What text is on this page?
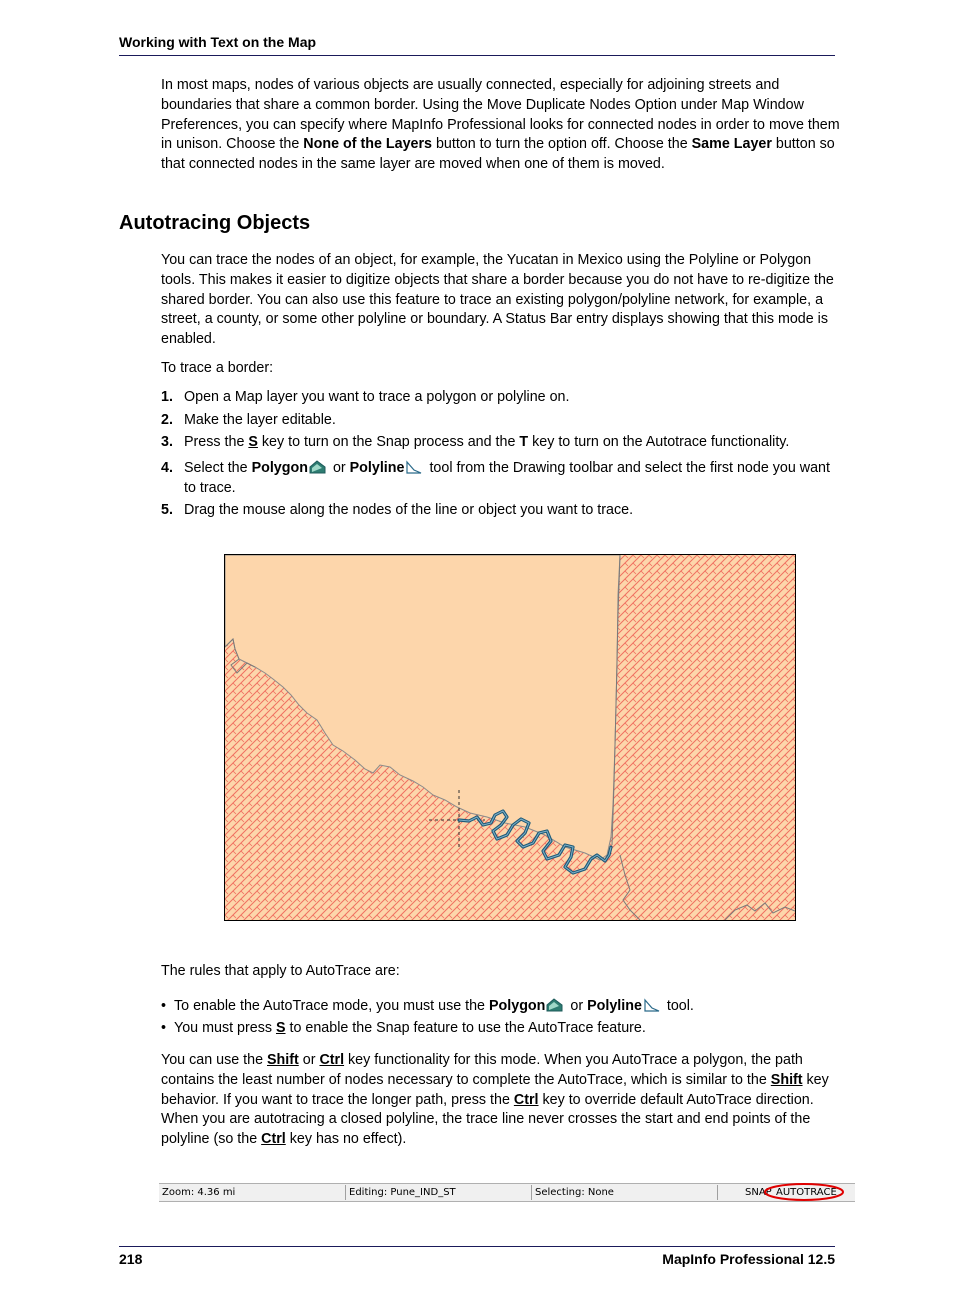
Working with Text on the Map
In most maps, nodes of various objects are usually connected, especially for adjoining streets and boundaries that share a common border. Using the Move Duplicate Nodes Option under Map Window Preferences, you can specify where MapInfo Professional looks for connected nodes in order to move them in unison. Choose the None of the Layers button to turn the option off. Choose the Same Layer button so that connected nodes in the same layer are moved when one of them is moved.
Autotracing Objects
You can trace the nodes of an object, for example, the Yucatan in Mexico using the Polyline or Polygon tools. This makes it easier to digitize objects that share a border because you do not have to re-digitize the shared border. You can also use this feature to trace an existing polygon/polyline network, for example, a street, a county, or some other polyline or boundary. A Status Bar entry displays showing that this mode is enabled.
To trace a border:
1. Open a Map layer you want to trace a polygon or polyline on.
2. Make the layer editable.
3. Press the S key to turn on the Snap process and the T key to turn on the Autotrace functionality.
4. Select the Polygon or Polyline tool from the Drawing toolbar and select the first node you want to trace.
5. Drag the mouse along the nodes of the line or object you want to trace.
The rules that apply to AutoTrace are:
• To enable the AutoTrace mode, you must use the Polygon or Polyline tool.
• You must press S to enable the Snap feature to use the AutoTrace feature.
You can use the Shift or Ctrl key functionality for this mode. When you AutoTrace a polygon, the path contains the least number of nodes necessary to complete the AutoTrace, which is similar to the Shift key behavior. If you want to trace the longer path, press the Ctrl key to override default AutoTrace direction. When you are autotracing a closed polyline, the trace line never crosses the start and end points of the polyline (so the Ctrl key has no effect).
Zoom: 4.36 mi	Editing: Pune_IND_ST	Selecting: None	SNAP AUTOTRACE
218	MapInfo Professional 12.5
